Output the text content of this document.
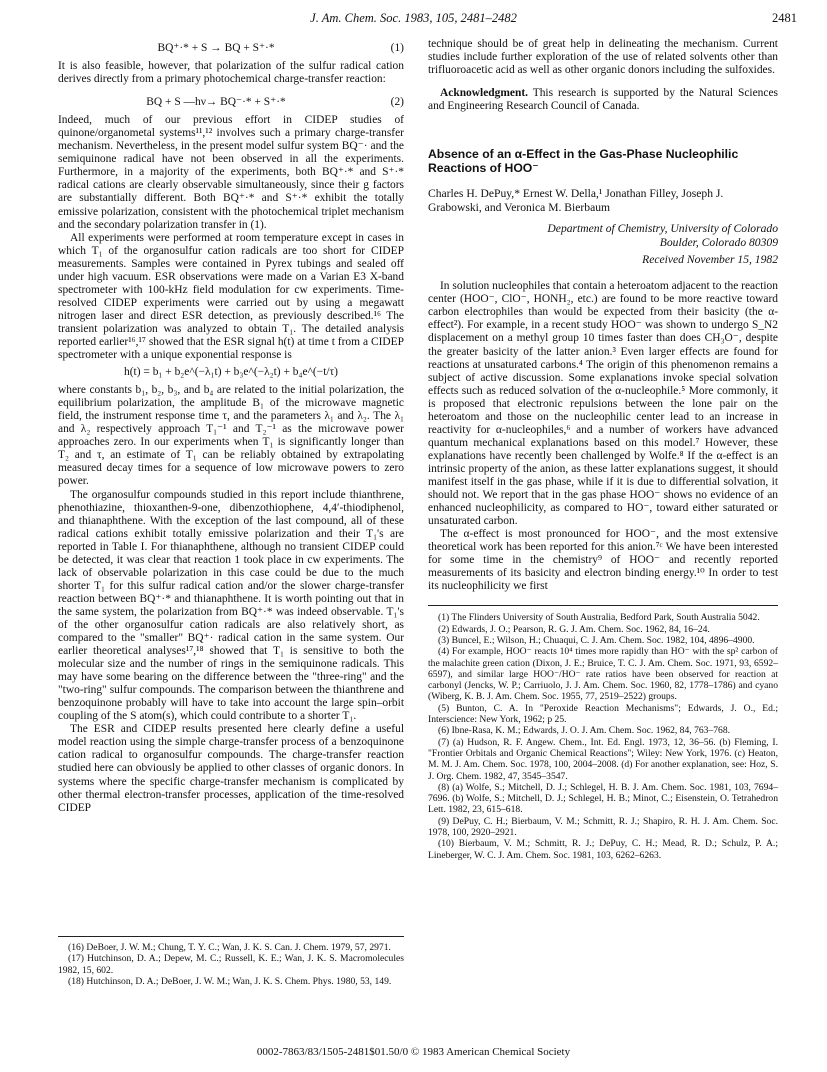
J. Am. Chem. Soc. 1983, 105, 2481–2482	2481
BQ⁺·* + S → BQ + S⁺·*	(1)

It is also feasible, however, that polarization of the sulfur radical cation derives directly from a primary photochemical charge-transfer reaction:

BQ + S —hν→ BQ⁻·* + S⁺·*	(2)

Indeed, much of our previous effort in CIDEP studies of quinone/organometal systems¹¹,¹² involves such a primary charge-transfer mechanism. Nevertheless, in the present model sulfur system BQ⁻· and the semiquinone radical have not been observed in all the experiments. Furthermore, in a majority of the experiments, both BQ⁺·* and S⁺·* radical cations are clearly observable simultaneously, since their g factors are substantially different. Both BQ⁺·* and S⁺·* exhibit the totally emissive polarization, consistent with the photochemical triplet mechanism and the secondary polarization transfer in (1).

All experiments were performed at room temperature except in cases in which T₁ of the organosulfur cation radicals are too short for CIDEP measurements. Samples were contained in Pyrex tubings and sealed off under high vacuum. ESR observations were made on a Varian E3 X-band spectrometer with 100-kHz field modulation for cw experiments. Time-resolved CIDEP experiments were carried out by using a megawatt nitrogen laser and direct ESR detection, as previously described.¹⁶ The transient polarization was analyzed to obtain T₁. The detailed analysis reported earlier¹⁶,¹⁷ showed that the ESR signal h(t) at time t from a CIDEP spectrometer with a unique exponential response is

h(t) = b₁ + b₂e^(−λ₁t) + b₃e^(−λ₂t) + b₄e^(−t/τ)

where constants b₁, b₂, b₃, and b₄ are related to the initial polarization, the equilibrium polarization, the amplitude B₁ of the microwave magnetic field, the instrument response time τ, and the parameters λ₁ and λ₂. The λ₁ and λ₂ respectively approach T₁⁻¹ and T₂⁻¹ as the microwave power approaches zero. In our experiments when T₁ is significantly longer than T₂ and τ, an estimate of T₁ can be reliably obtained by extrapolating measured decay times for a sequence of low microwave powers to zero power.

The organosulfur compounds studied in this report include thianthrene, phenothiazine, thioxanthen-9-one, dibenzothiophene, 4,4′-thiodiphenol, and thianaphthene. With the exception of the last compound, all of these radical cations exhibit totally emissive polarization and their T₁'s are reported in Table I. For thianaphthene, although no transient CIDEP could be detected, it was clear that reaction 1 took place in cw experiments. The lack of observable polarization in this case could be due to the much shorter T₁ for this sulfur radical cation and/or the slower charge-transfer reaction between BQ⁺·* and thianaphthene. It is worth pointing out that in the same system, the polarization from BQ⁺·* was indeed observable. T₁'s of the other organosulfur cation radicals are also relatively short, as compared to the "smaller" BQ⁺· radical cation in the same system. Our earlier theoretical analyses¹⁷,¹⁸ showed that T₁ is sensitive to both the molecular size and the number of rings in the semiquinone radicals. This may have some bearing on the difference between the "three-ring" and the "two-ring" sulfur compounds. The comparison between the thianthrene and benzoquinone probably will have to take into account the large spin–orbit coupling of the S atom(s), which could contribute to a shorter T₁.

The ESR and CIDEP results presented here clearly define a useful model reaction using the simple charge-transfer process of a benzoquinone cation radical to organosulfur compounds. The charge-transfer reaction studied here can obviously be applied to other classes of organic donors. In systems where the specific charge-transfer mechanism is complicated by other thermal electron-transfer processes, application of the time-resolved CIDEP

(16) DeBoer, J. W. M.; Chung, T. Y. C.; Wan, J. K. S. Can. J. Chem. 1979, 57, 2971.
(17) Hutchinson, D. A.; Depew, M. C.; Russell, K. E.; Wan, J. K. S. Macromolecules 1982, 15, 602.
(18) Hutchinson, D. A.; DeBoer, J. W. M.; Wan, J. K. S. Chem. Phys. 1980, 53, 149.

technique should be of great help in delineating the mechanism. Current studies include further exploration of the use of related solvents other than trifluoroacetic acid as well as other organic donors including the sulfoxides.

Acknowledgment. This research is supported by the Natural Sciences and Engineering Research Council of Canada.

Absence of an α-Effect in the Gas-Phase Nucleophilic Reactions of HOO⁻
Charles H. DePuy,* Ernest W. Della,¹ Jonathan Filley, Joseph J. Grabowski, and Veronica M. Bierbaum
Department of Chemistry, University of Colorado
Boulder, Colorado 80309
Received November 15, 1982

In solution nucleophiles that contain a heteroatom adjacent to the reaction center (HOO⁻, ClO⁻, HONH₂, etc.) are found to be more reactive toward carbon electrophiles than would be expected from their basicity (the α-effect²). For example, in a recent study HOO⁻ was shown to undergo S_N2 displacement on a methyl group 10 times faster than does CH₃O⁻, despite the greater basicity of the latter anion.³ Even larger effects are found for reactions at unsaturated carbons.⁴ The origin of this phenomenon remains a subject of active discussion. Some explanations invoke special solvation effects such as reduced solvation of the α-nucleophile.⁵ More commonly, it is proposed that electronic repulsions between the lone pair on the heteroatom and those on the nucleophilic center lead to an increase in reactivity for α-nucleophiles,⁶ and a number of workers have advanced quantum mechanical explanations based on this model.⁷ However, these explanations have recently been challenged by Wolfe.⁸ If the α-effect is an intrinsic property of the anion, as these latter explanations suggest, it should manifest itself in the gas phase, while if it is due to differential solvation, it should not. We report that in the gas phase HOO⁻ shows no evidence of an enhanced nucleophilicity, as compared to HO⁻, toward either saturated or unsaturated carbon.

The α-effect is most pronounced for HOO⁻, and the most extensive theoretical work has been reported for this anion.⁷ᶜ We have been interested for some time in the chemistry⁹ of HOO⁻ and recently reported measurements of its basicity and electron binding energy.¹⁰ In order to test its nucleophilicity we first

(1) The Flinders University of South Australia, Bedford Park, South Australia 5042.
(2) Edwards, J. O.; Pearson, R. G. J. Am. Chem. Soc. 1962, 84, 16–24.
(3) Buncel, E.; Wilson, H.; Chuaqui, C. J. Am. Chem. Soc. 1982, 104, 4896–4900.
(4) For example, HOO⁻ reacts 10⁴ times more rapidly than HO⁻ with the sp² carbon of the malachite green cation (Dixon, J. E.; Bruice, T. C. J. Am. Chem. Soc. 1971, 93, 6592–6597), and similar large HOO⁻/HO⁻ rate ratios have been observed for reaction at carbonyl (Jencks, W. P.; Carriuolo, J. J. Am. Chem. Soc. 1960, 82, 1778–1786) and cyano (Wiberg, K. B. J. Am. Chem. Soc. 1955, 77, 2519–2522) groups.
(5) Bunton, C. A. In "Peroxide Reaction Mechanisms"; Edwards, J. O., Ed.; Interscience: New York, 1962; p 25.
(6) Ibne-Rasa, K. M.; Edwards, J. O. J. Am. Chem. Soc. 1962, 84, 763–768.
(7) (a) Hudson, R. F. Angew. Chem., Int. Ed. Engl. 1973, 12, 36–56. (b) Fleming, I. "Frontier Orbitals and Organic Chemical Reactions"; Wiley: New York, 1976. (c) Heaton, M. M. J. Am. Chem. Soc. 1978, 100, 2004–2008. (d) For another explanation, see: Hoz, S. J. Org. Chem. 1982, 47, 3545–3547.
(8) (a) Wolfe, S.; Mitchell, D. J.; Schlegel, H. B. J. Am. Chem. Soc. 1981, 103, 7694–7696. (b) Wolfe, S.; Mitchell, D. J.; Schlegel, H. B.; Minot, C.; Eisenstein, O. Tetrahedron Lett. 1982, 23, 615–618.
(9) DePuy, C. H.; Bierbaum, V. M.; Schmitt, R. J.; Shapiro, R. H. J. Am. Chem. Soc. 1978, 100, 2920–2921.
(10) Bierbaum, V. M.; Schmitt, R. J.; DePuy, C. H.; Mead, R. D.; Schulz, P. A.; Lineberger, W. C. J. Am. Chem. Soc. 1981, 103, 6262–6263.
0002-7863/83/1505-2481$01.50/0 © 1983 American Chemical Society
